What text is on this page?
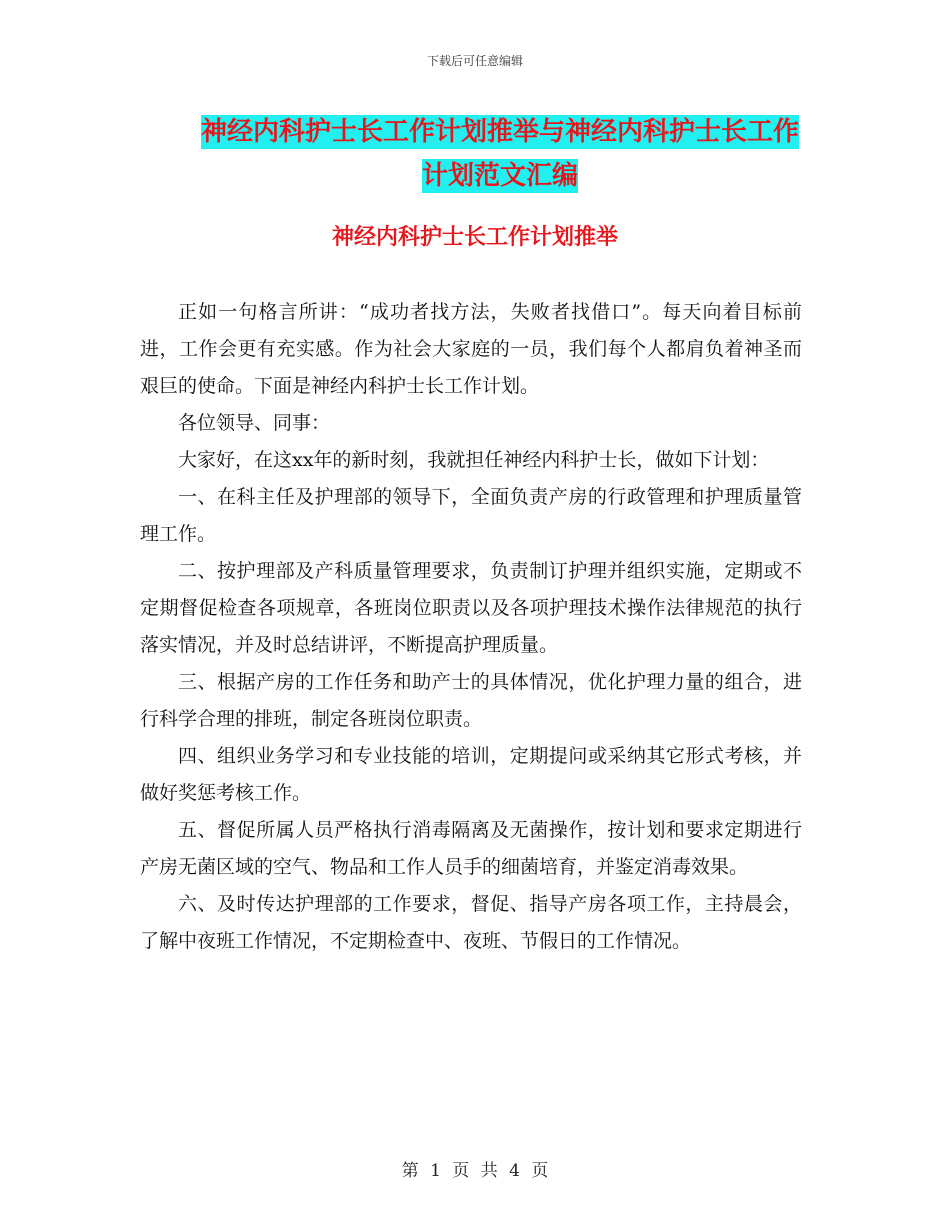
下载后可任意编辑
神经内科护士长工作计划推举与神经内科护士长工作
计划范文汇编
神经内科护士长工作计划推举

正如一句格言所讲：“成功者找方法，失败者找借口”。每天向着目标前进，工作会更有充实感。作为社会大家庭的一员，我们每个人都肩负着神圣而艰巨的使命。下面是神经内科护士长工作计划。

各位领导、同事：

大家好，在这xx年的新时刻，我就担任神经内科护士长，做如下计划：

一、在科主任及护理部的领导下，全面负责产房的行政管理和护理质量管理工作。

二、按护理部及产科质量管理要求，负责制订护理并组织实施，定期或不定期督促检查各项规章，各班岗位职责以及各项护理技术操作法律规范的执行落实情况，并及时总结讲评，不断提高护理质量。

三、根据产房的工作任务和助产士的具体情况，优化护理力量的组合，进行科学合理的排班，制定各班岗位职责。

四、组织业务学习和专业技能的培训，定期提问或采纳其它形式考核，并做好奖惩考核工作。

五、督促所属人员严格执行消毒隔离及无菌操作，按计划和要求定期进行产房无菌区域的空气、物品和工作人员手的细菌培育，并鉴定消毒效果。

六、及时传达护理部的工作要求，督促、指导产房各项工作，主持晨会，了解中夜班工作情况，不定期检查中、夜班、节假日的工作情况。

第 1 页 共 4 页
